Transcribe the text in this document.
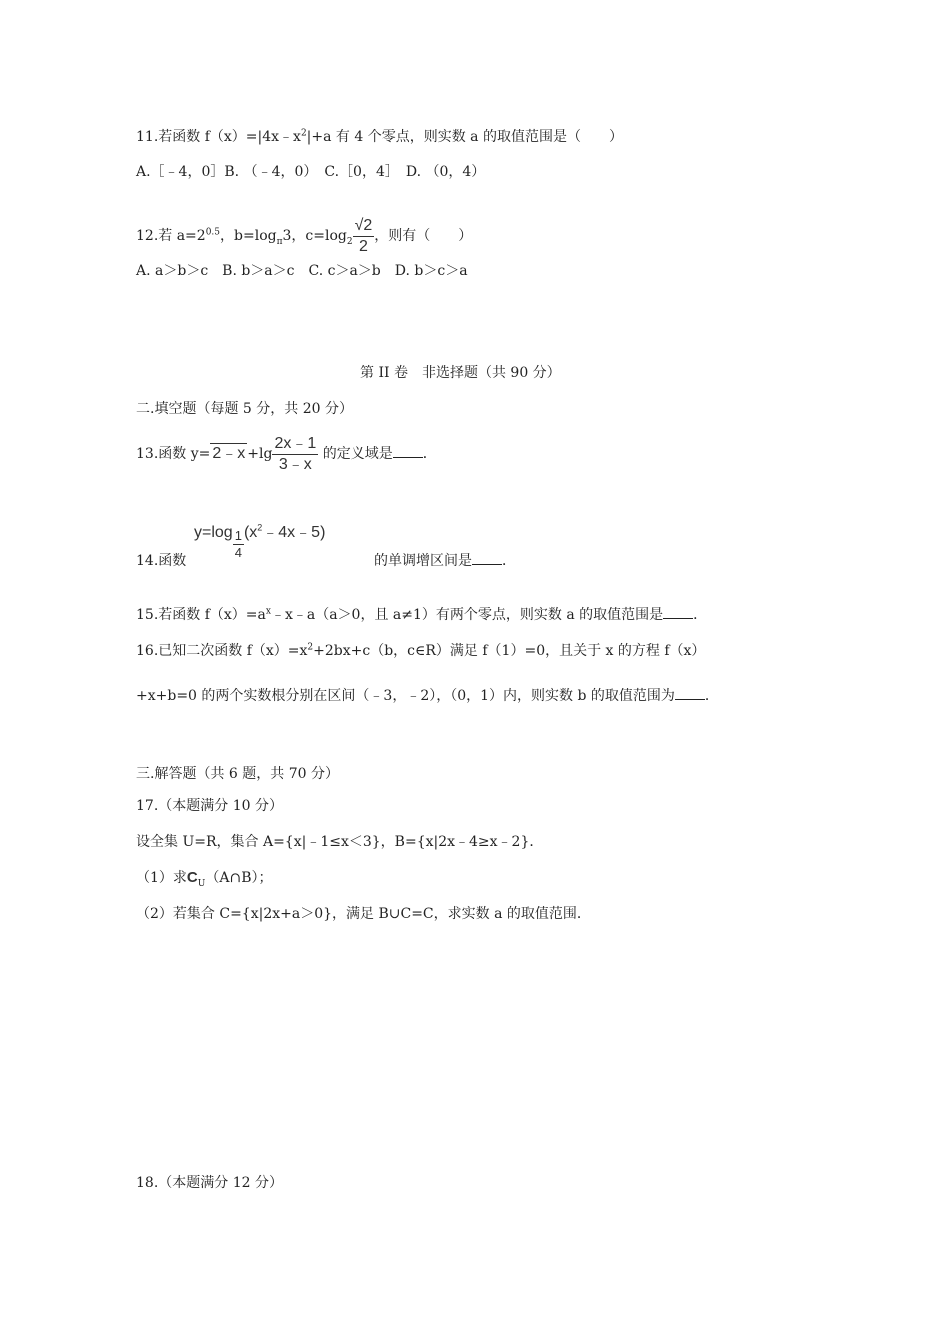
11.若函数 $f(x)=|4x﹣x^2|+a$ 有 4 个零点，则实数 a 的取值范围是（　　）
A.［﹣4，0］B. （﹣4，0）　C.［0，4］　D. （0，4）
12.若 $a=2^{0.5}$，$b=\log_\pi 3$，$c=\log_2 \frac{√2}{2}$ ，则有（　　）
A. a＞b＞c　B. b＞a＞c　C. c＞a＞b　D. b＞c＞a
第 II 卷　非选择题（共 90 分）
二.填空题（每题 5 分，共 20 分）
13.函数 y= 2﹣x $+\lg \frac{2x﹣1}{3﹣x}$ 的定义域是 ．
$y=\log \frac{1}{4}$ $(x^2﹣4x﹣5)$
14.函数	的单调增区间是 ．
15.若函数 $f(x)=a^x﹣x﹣a(a>0$，且 a≠1）有两个零点，则实数 a 的取值范围是 ．
16.已知二次函数 $f(x)=x^2+2bx+c(b$，c∈R）满足 f（1）=0，且关于 x 的方程 f（x）
+x+b=0 的两个实数根分别在区间（﹣3，﹣2），（0，1）内，则实数 b 的取值范围为 ．
三.解答题（共 6 题，共 70 分）
17.（本题满分 10 分）
设全集 U=R，集合 A={x|﹣1≤x＜3}，B={x|2x﹣4≥x﹣2}．
（1）求$C_U(A\cap B)$；
（2）若集合 C={x|2x+a＞0}，满足 B∪C=C，求实数 a 的取值范围．
18.（本题满分 12 分）
